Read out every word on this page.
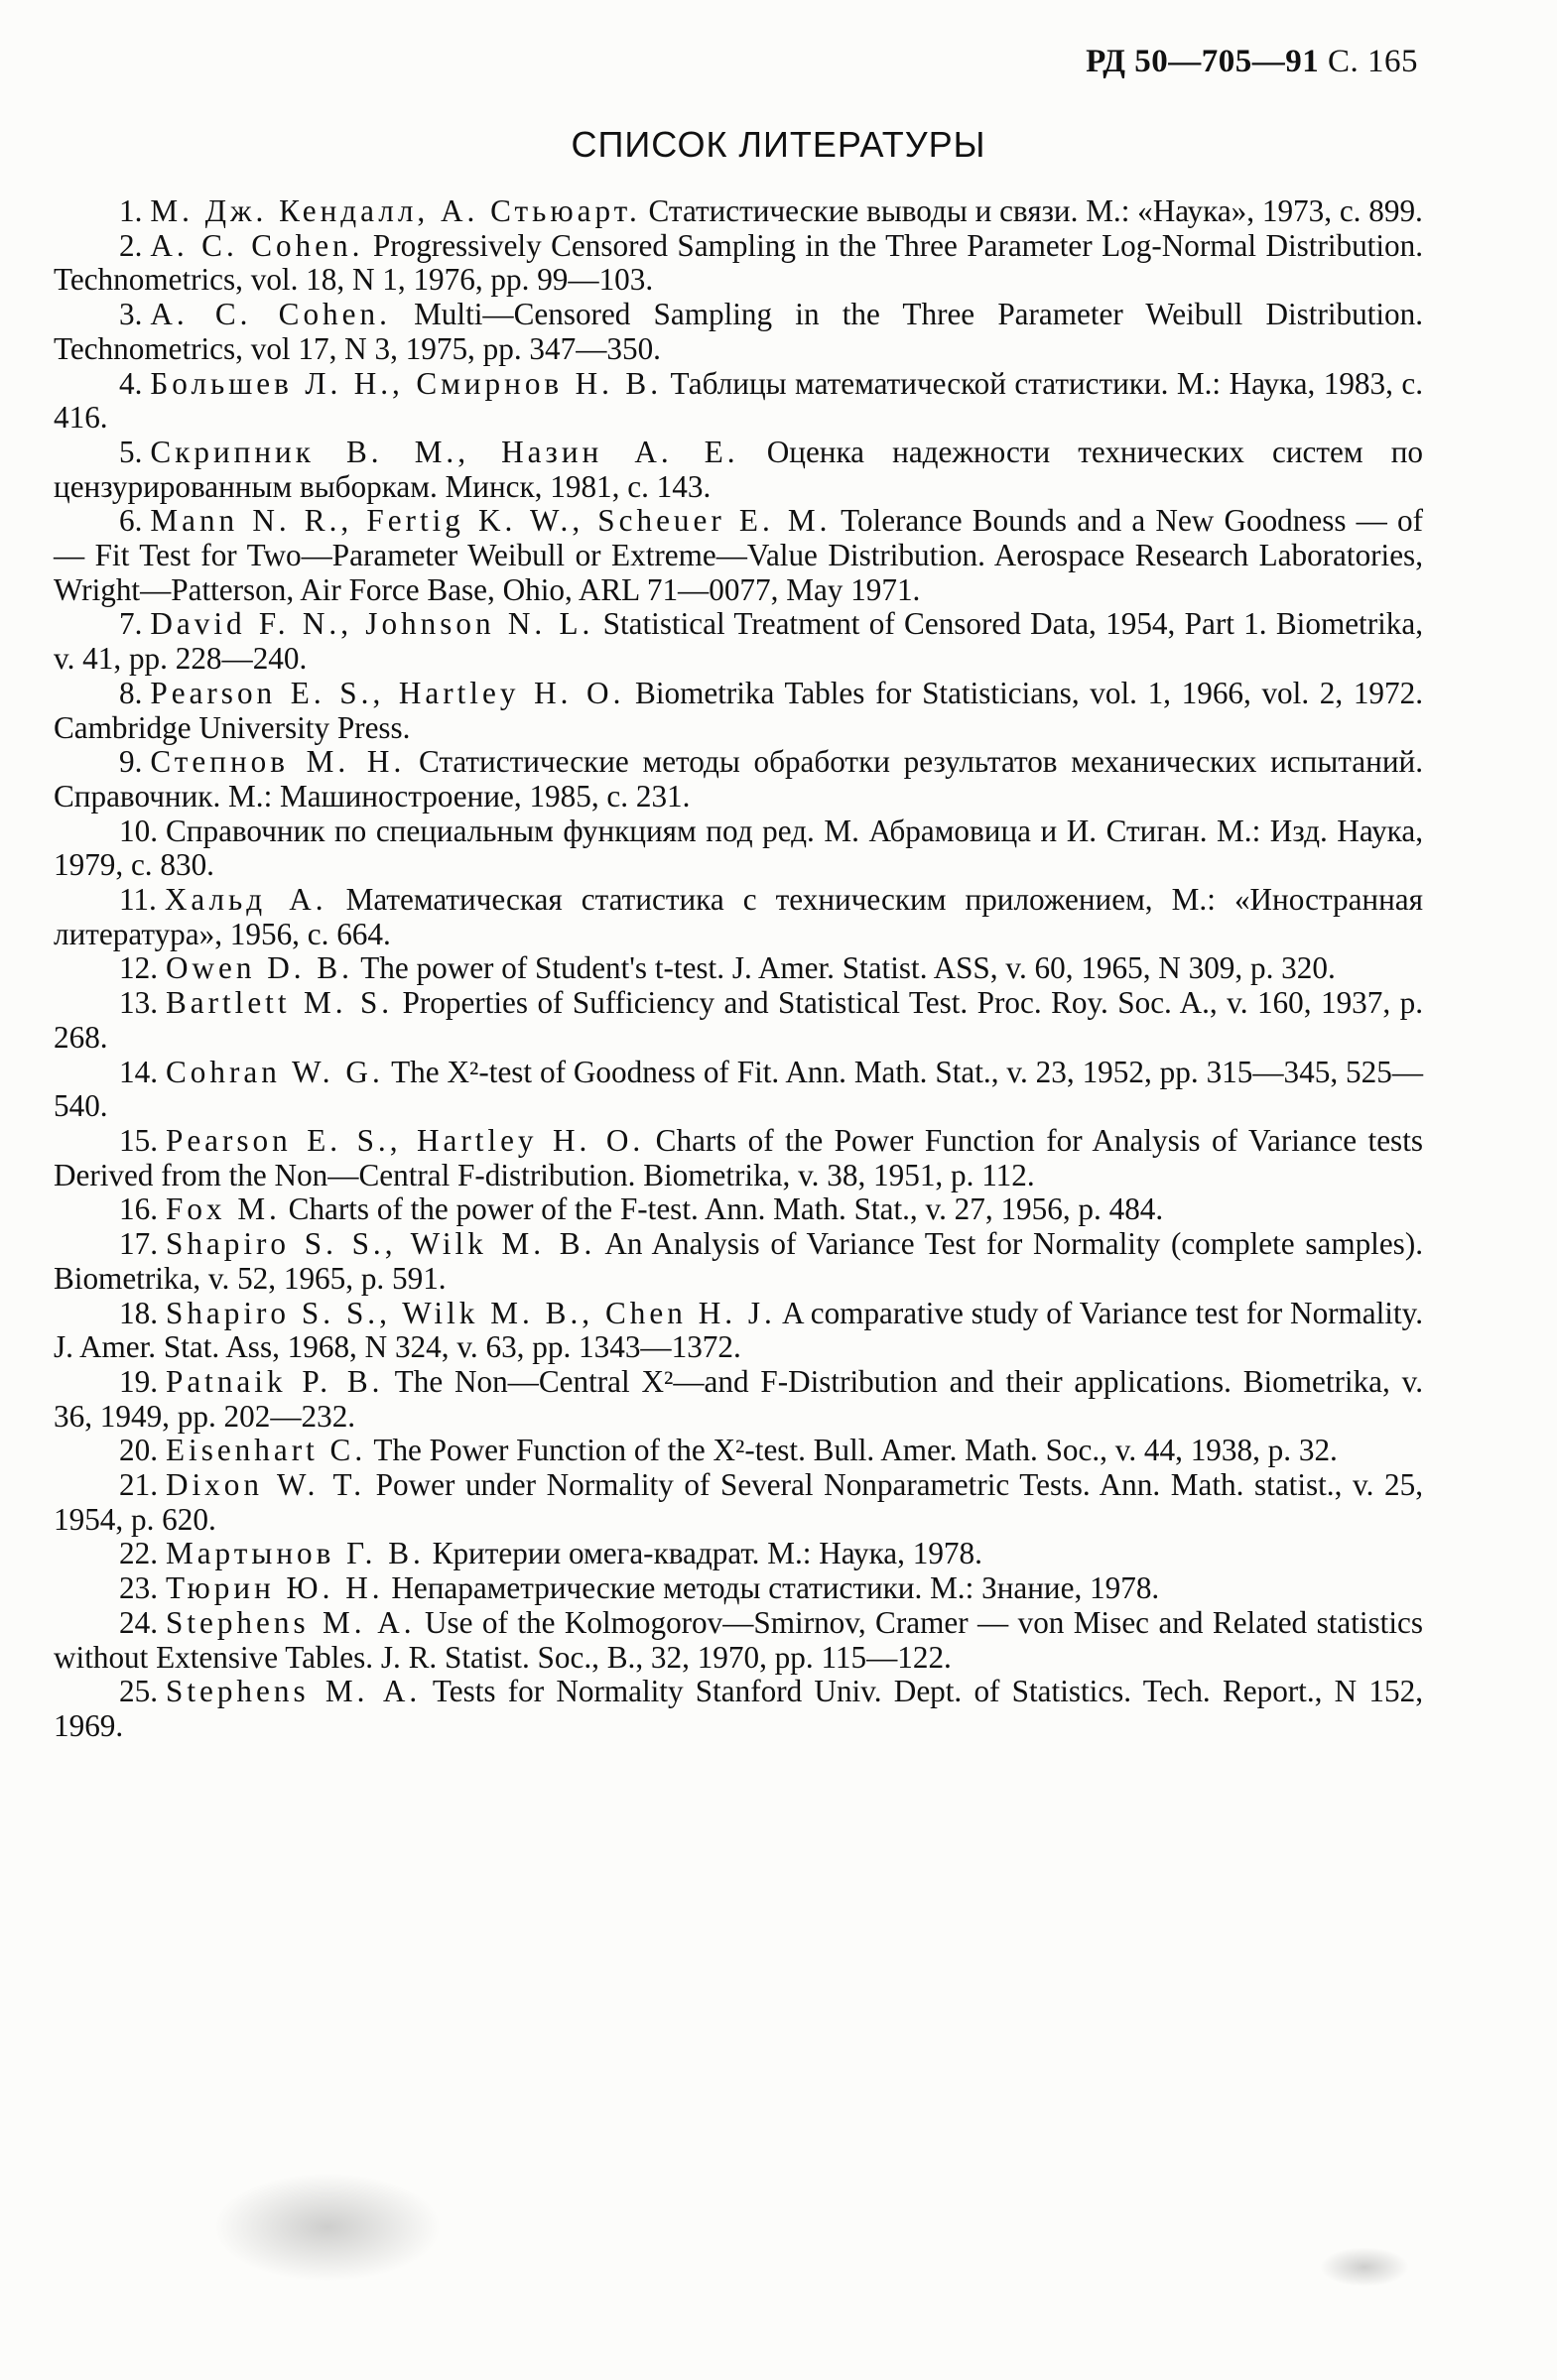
РД 50—705—91 С. 165
СПИСОК ЛИТЕРАТУРЫ

1. М. Дж. Кендалл, А. Стьюарт. Статистические выводы и связи. М.: «Наука», 1973, с. 899.

2. А. С. Cohen. Progressively Censored Sampling in the Three Parameter Log-Normal Distribution. Technometrics, vol. 18, N 1, 1976, pp. 99—103.

3. А. С. Cohen. Multi—Censored Sampling in the Three Parameter Weibull Distribution. Technometrics, vol 17, N 3, 1975, pp. 347—350.

4. Большев Л. Н., Смирнов Н. В. Таблицы математической статистики. М.: Наука, 1983, с. 416.

5. Скрипник В. М., Назин А. Е. Оценка надежности технических систем по цензурированным выборкам. Минск, 1981, с. 143.

6. Mann N. R., Fertig K. W., Scheuer E. M. Tolerance Bounds and a New Goodness — of — Fit Test for Two—Parameter Weibull or Extreme—Value Distribution. Aerospace Research Laboratories, Wright—Patterson, Air Force Base, Ohio, ARL 71—0077, May 1971.

7. David F. N., Johnson N. L. Statistical Treatment of Censored Data, 1954, Part 1. Biometrika, v. 41, pp. 228—240.

8. Pearson E. S., Hartley H. O. Biometrika Tables for Statisticians, vol. 1, 1966, vol. 2, 1972. Cambridge University Press.

9. Степнов М. Н. Статистические методы обработки результатов механических испытаний. Справочник. М.: Машиностроение, 1985, с. 231.

10. Справочник по специальным функциям под ред. М. Абрамовица и И. Стиган. М.: Изд. Наука, 1979, с. 830.

11. Хальд А. Математическая статистика с техническим приложением, М.: «Иностранная литература», 1956, с. 664.

12. Owen D. B. The power of Student's t-test. J. Amer. Statist. ASS, v. 60, 1965, N 309, p. 320.

13. Bartlett M. S. Properties of Sufficiency and Statistical Test. Proc. Roy. Soc. A., v. 160, 1937, p. 268.

14. Cohran W. G. The X²-test of Goodness of Fit. Ann. Math. Stat., v. 23, 1952, pp. 315—345, 525—540.

15. Pearson E. S., Hartley H. O. Charts of the Power Function for Analysis of Variance tests Derived from the Non—Central F-distribution. Biometrika, v. 38, 1951, p. 112.

16. Fox M. Charts of the power of the F-test. Ann. Math. Stat., v. 27, 1956, p. 484.

17. Shapiro S. S., Wilk M. B. An Analysis of Variance Test for Normality (complete samples). Biometrika, v. 52, 1965, p. 591.

18. Shapiro S. S., Wilk M. B., Chen H. J. A comparative study of Variance test for Normality. J. Amer. Stat. Ass, 1968, N 324, v. 63, pp. 1343—1372.

19. Patnaik P. B. The Non—Central X²—and F-Distribution and their applications. Biometrika, v. 36, 1949, pp. 202—232.

20. Eisenhart C. The Power Function of the X²-test. Bull. Amer. Math. Soc., v. 44, 1938, p. 32.

21. Dixon W. T. Power under Normality of Several Nonparametric Tests. Ann. Math. statist., v. 25, 1954, p. 620.

22. Мартынов Г. В. Критерии омега-квадрат. М.: Наука, 1978.

23. Тюрин Ю. Н. Непараметрические методы статистики. М.: Знание, 1978.

24. Stephens M. A. Use of the Kolmogorov—Smirnov, Cramer — von Misec and Related statistics without Extensive Tables. J. R. Statist. Soc., B., 32, 1970, pp. 115—122.

25. Stephens M. A. Tests for Normality Stanford Univ. Dept. of Statistics. Tech. Report., N 152, 1969.
